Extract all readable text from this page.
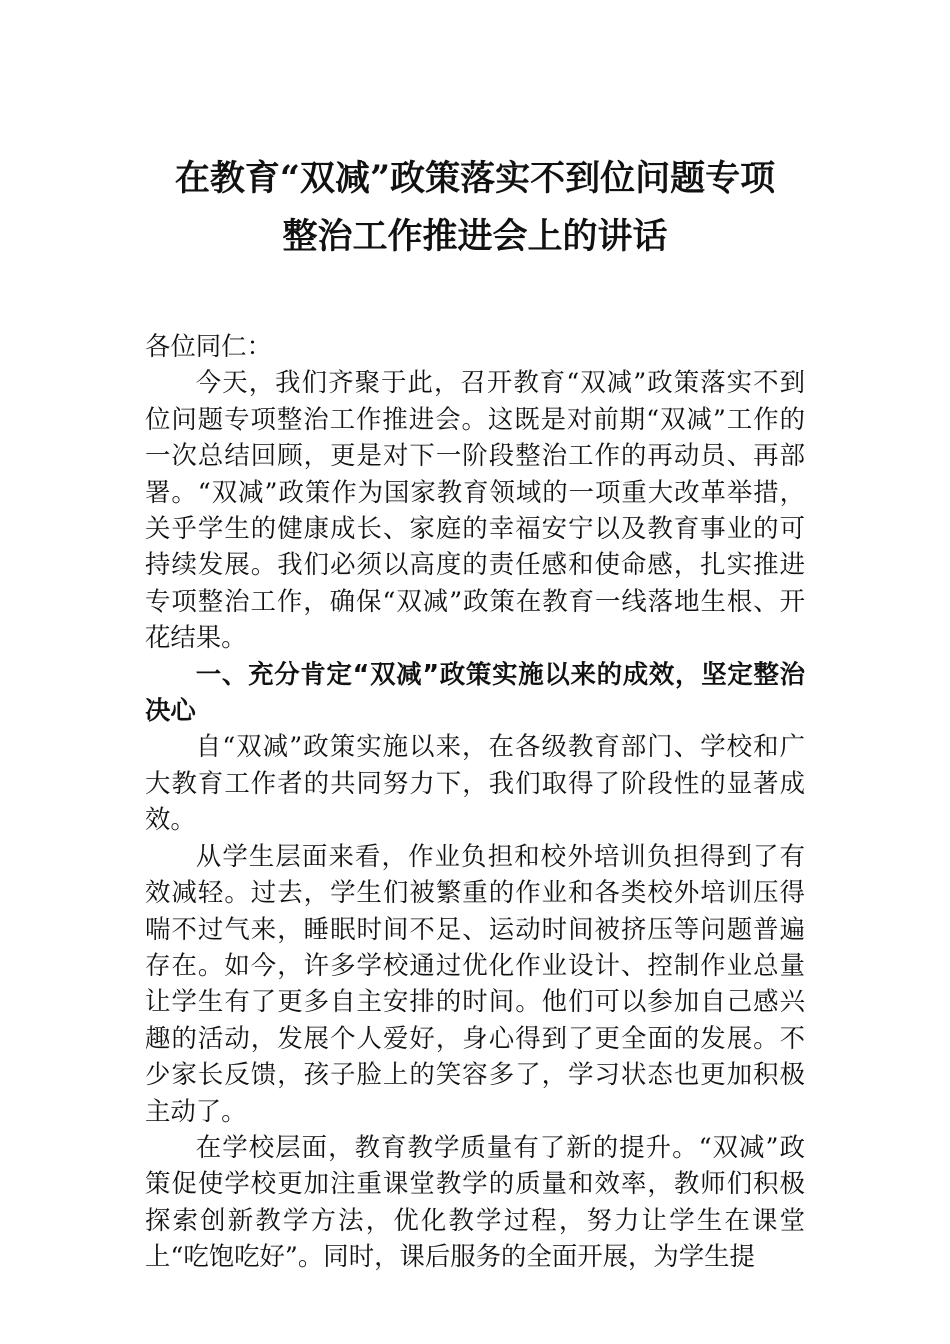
在教育“双减”政策落实不到位问题专项
整治工作推进会上的讲话

各位同仁：

今天，我们齐聚于此，召开教育“双减”政策落实不到位问题专项整治工作推进会。这既是对前期“双减”工作的一次总结回顾，更是对下一阶段整治工作的再动员、再部署。“双减”政策作为国家教育领域的一项重大改革举措，关乎学生的健康成长、家庭的幸福安宁以及教育事业的可持续发展。我们必须以高度的责任感和使命感，扎实推进专项整治工作，确保“双减”政策在教育一线落地生根、开花结果。

一、充分肯定“双减”政策实施以来的成效，坚定整治决心

自“双减”政策实施以来，在各级教育部门、学校和广大教育工作者的共同努力下，我们取得了阶段性的显著成效。

从学生层面来看，作业负担和校外培训负担得到了有效减轻。过去，学生们被繁重的作业和各类校外培训压得喘不过气来，睡眠时间不足、运动时间被挤压等问题普遍存在。如今，许多学校通过优化作业设计、控制作业总量让学生有了更多自主安排的时间。他们可以参加自己感兴趣的活动，发展个人爱好，身心得到了更全面的发展。不少家长反馈，孩子脸上的笑容多了，学习状态也更加积极主动了。

在学校层面，教育教学质量有了新的提升。“双减”政策促使学校更加注重课堂教学的质量和效率，教师们积极探索创新教学方法，优化教学过程，努力让学生在课堂上“吃饱吃好”。同时，课后服务的全面开展，为学生提
